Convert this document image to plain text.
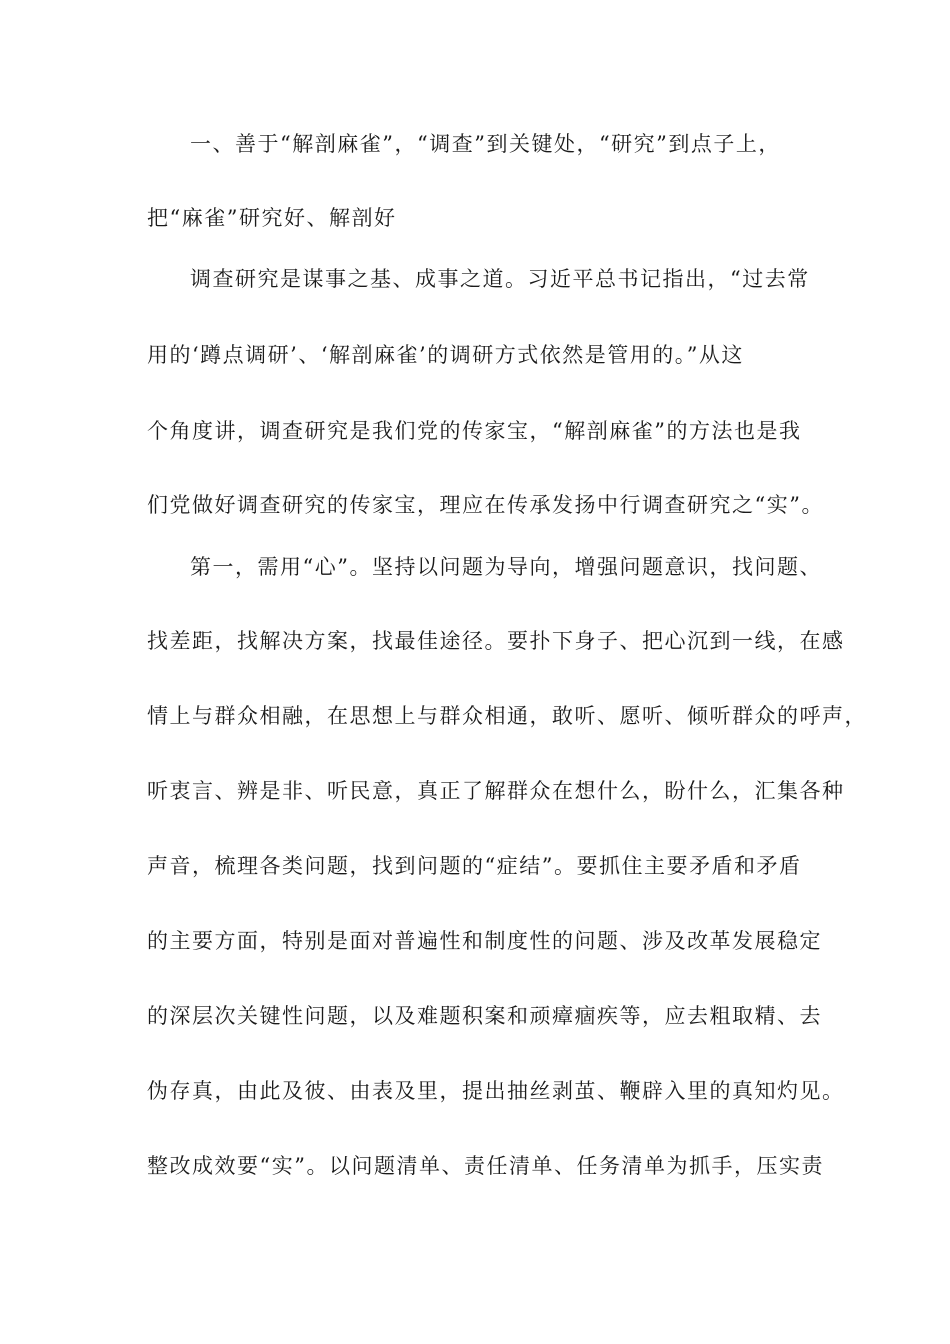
一、善于“解剖麻雀”，“调查”到关键处，“研究”到点子上，
把“麻雀”研究好、解剖好
调查研究是谋事之基、成事之道。习近平总书记指出，“过去常
用的‘蹲点调研’、‘解剖麻雀’的调研方式依然是管用的。”从这
个角度讲，调查研究是我们党的传家宝，“解剖麻雀”的方法也是我
们党做好调查研究的传家宝，理应在传承发扬中行调查研究之“实”。
第一，需用“心”。坚持以问题为导向，增强问题意识，找问题、
找差距，找解决方案，找最佳途径。要扑下身子、把心沉到一线，在感
情上与群众相融，在思想上与群众相通，敢听、愿听、倾听群众的呼声，
听衷言、辨是非、听民意，真正了解群众在想什么，盼什么，汇集各种
声音，梳理各类问题，找到问题的“症结”。要抓住主要矛盾和矛盾
的主要方面，特别是面对普遍性和制度性的问题、涉及改革发展稳定
的深层次关键性问题，以及难题积案和顽瘴痼疾等，应去粗取精、去
伪存真，由此及彼、由表及里，提出抽丝剥茧、鞭辟入里的真知灼见。
整改成效要“实”。以问题清单、责任清单、任务清单为抓手，压实责
